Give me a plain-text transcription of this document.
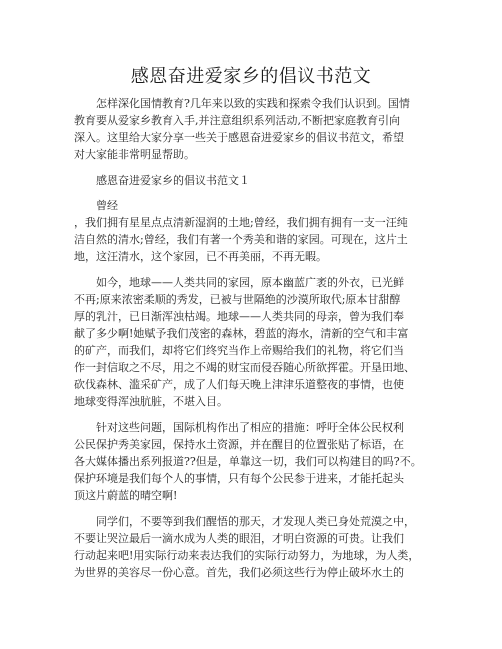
感恩奋进爱家乡的倡议书范文
怎样深化国情教育?几年来以致的实践和探索令我们认识到。国情
教育要从爱家乡教育入手,并注意组织系列活动,不断把家庭教育引向
深入。这里给大家分享一些关于感恩奋进爱家乡的倡议书范文，希望
对大家能非常明显帮助。
感恩奋进爱家乡的倡议书范文１
曾经
，我们拥有星星点点清新湿润的土地;曾经，我们拥有拥有一支一汪纯
洁自然的清水;曾经，我们有著一个秀美和谐的家园。可现在，这片土
地，这汪清水，这个家园，已不再美丽，不再无暇。
如今，地球——人类共同的家园，原本幽蓝广袤的外衣，已光鲜
不再;原来浓密柔顺的秀发，已被与世隔绝的沙漠所取代;原本甘甜醇
厚的乳汁，已日渐浑浊枯竭。地球——人类共同的母亲，曾为我们奉
献了多少啊!她赋予我们茂密的森林，碧蓝的海水，清新的空气和丰富
的矿产，而我们，却将它们终究当作上帝赐给我们的礼物，将它们当
作一封信取之不尽，用之不竭的财宝而侵吞随心所欲挥霍。开垦田地、
砍伐森林、滥采矿产，成了人们每天晚上津津乐道整夜的事情，也使
地球变得浑浊肮脏，不堪入目。
针对这些问题，国际机构作出了相应的措施：呼吁全体公民权利
公民保护秀美家园，保持水土资源，并在醒目的位置张贴了标语，在
各大媒体播出系列报道??但是，单靠这一切，我们可以构建目的吗?不。
保护环境是我们每个人的事情，只有每个公民参于进来，才能托起头
顶这片蔚蓝的晴空啊!
同学们，不要等到我们醒悟的那天，才发现人类已身处荒漠之中，
不要让哭泣最后一滴水成为人类的眼泪，才明白资源的可贵。让我们
行动起来吧!用实际行动来表达我们的实际行动努力，为地球，为人类，
为世界的美容尽一份心意。首先，我们必须这些行为停止破坏水土的
